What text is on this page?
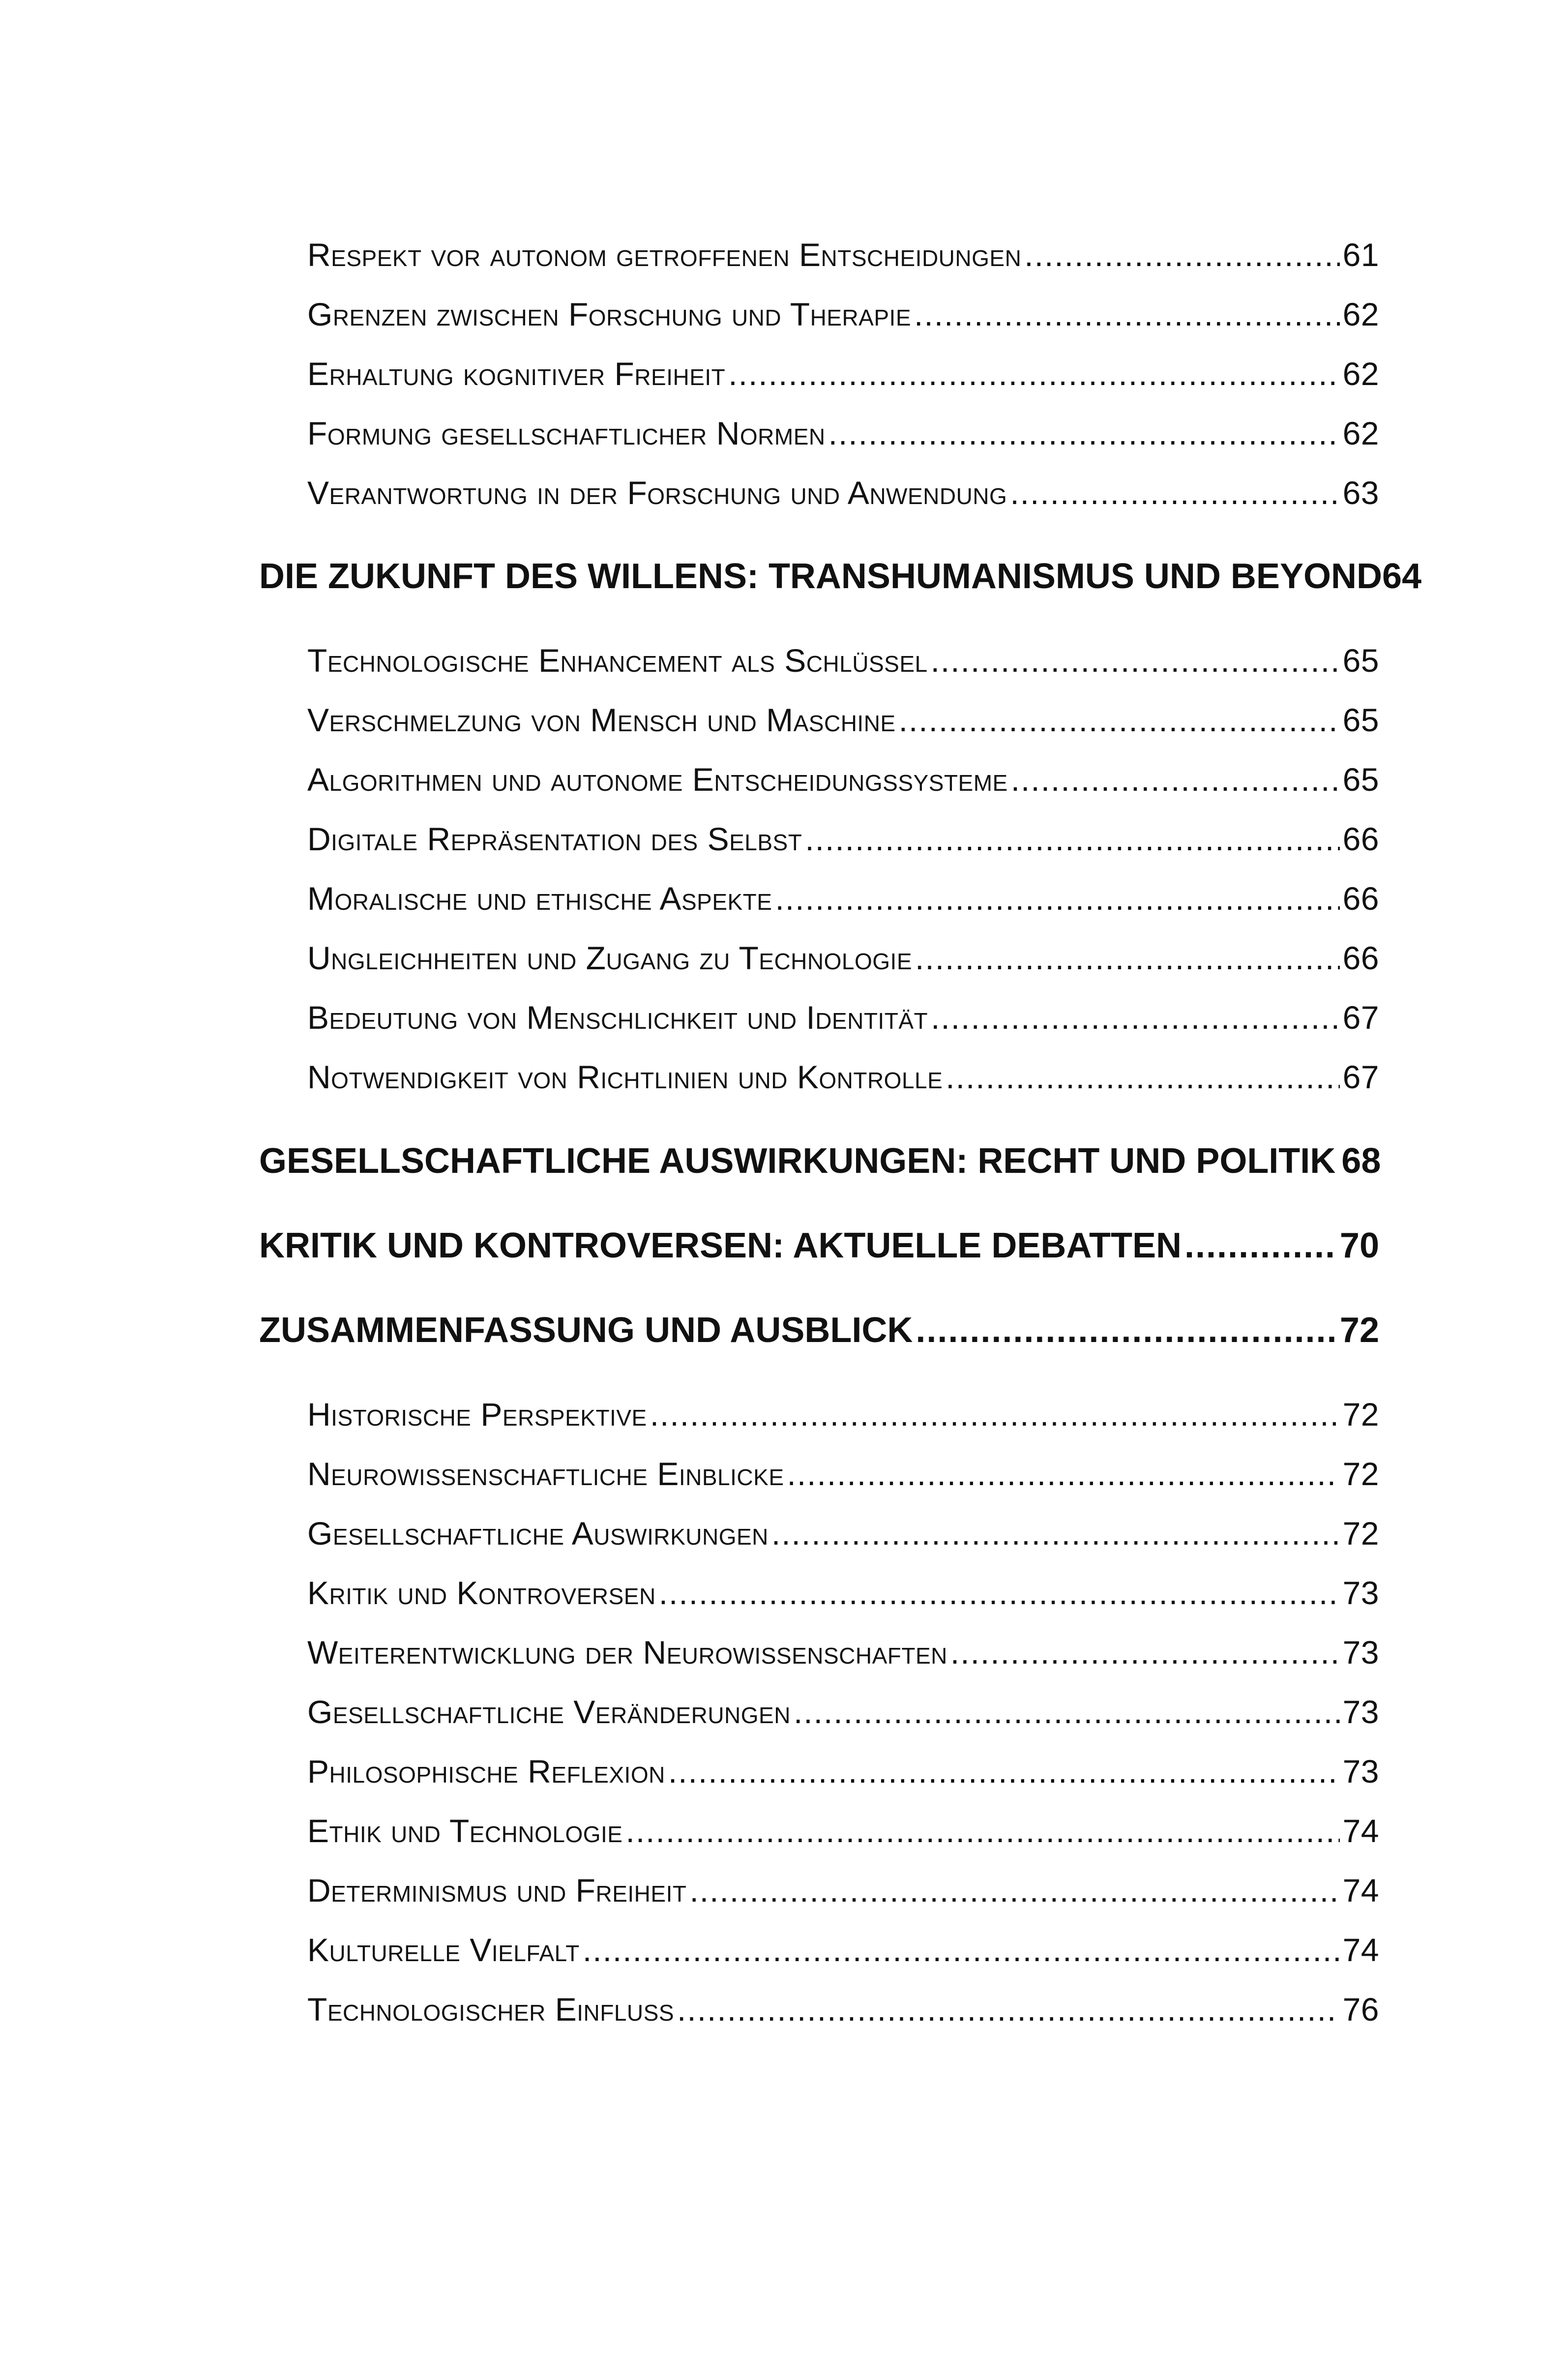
Respekt vor autonom getroffenen Entscheidungen .....	61
Grenzen zwischen Forschung und Therapie .....	62
Erhaltung kognitiver Freiheit .....	62
Formung gesellschaftlicher Normen .....	62
Verantwortung in der Forschung und Anwendung .....	63
DIE ZUKUNFT DES WILLENS: TRANSHUMANISMUS UND BEYOND 64
Technologische Enhancement als Schlüssel .....	65
Verschmelzung von Mensch und Maschine .....	65
Algorithmen und autonome Entscheidungssysteme .....	65
Digitale Repräsentation des Selbst .....	66
Moralische und ethische Aspekte .....	66
Ungleichheiten und Zugang zu Technologie .....	66
Bedeutung von Menschlichkeit und Identität .....	67
Notwendigkeit von Richtlinien und Kontrolle .....	67
GESELLSCHAFTLICHE AUSWIRKUNGEN: RECHT UND POLITIK 68
KRITIK UND KONTROVERSEN: AKTUELLE DEBATTEN .....	70
ZUSAMMENFASSUNG UND AUSBLICK .....	72
Historische Perspektive .....	72
Neurowissenschaftliche Einblicke .....	72
Gesellschaftliche Auswirkungen .....	72
Kritik und Kontroversen .....	73
Weiterentwicklung der Neurowissenschaften .....	73
Gesellschaftliche Veränderungen .....	73
Philosophische Reflexion .....	73
Ethik und Technologie .....	74
Determinismus und Freiheit .....	74
Kulturelle Vielfalt .....	74
Technologischer Einfluss .....	76
